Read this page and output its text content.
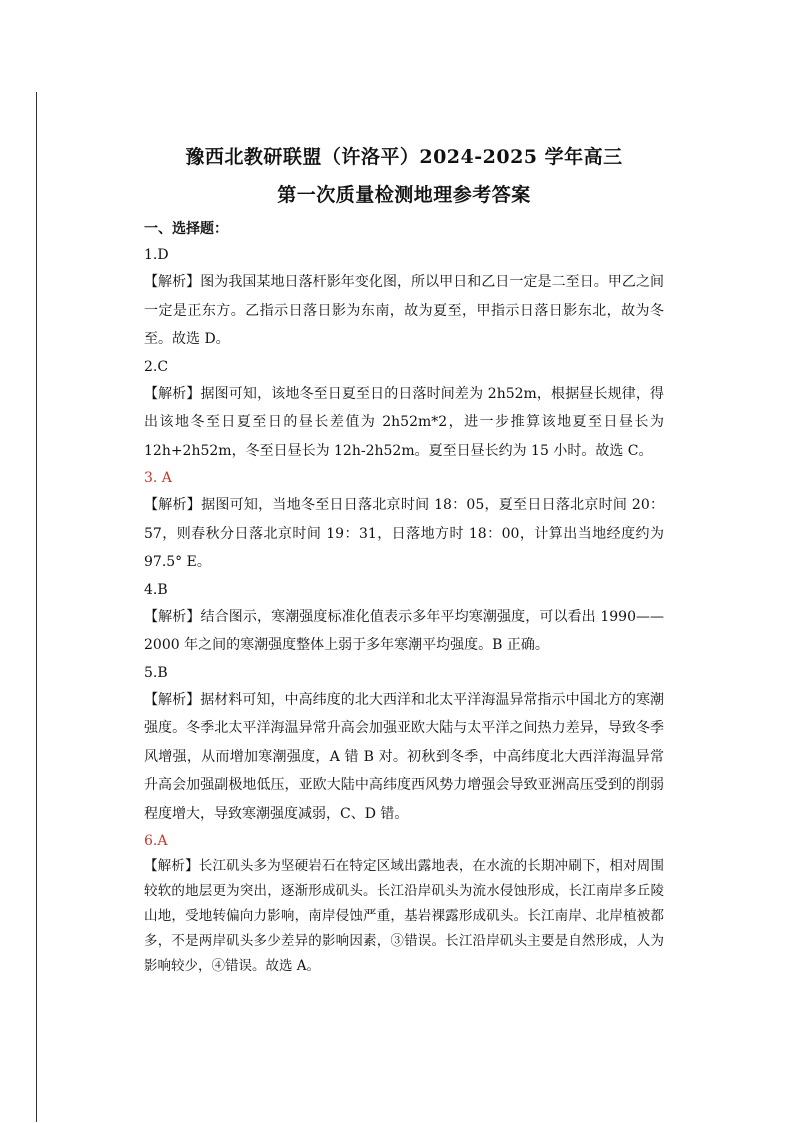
豫西北教研联盟（许洛平）2024-2025 学年高三
第一次质量检测地理参考答案
一、选择题：
1.D

【解析】图为我国某地日落杆影年变化图，所以甲日和乙日一定是二至日。甲乙之间一定是正东方。乙指示日落日影为东南，故为夏至，甲指示日落日影东北，故为冬至。故选 D。

2.C

【解析】据图可知，该地冬至日夏至日的日落时间差为 2h52m，根据昼长规律，得出该地冬至日夏至日的昼长差值为 2h52m*2，进一步推算该地夏至日昼长为 12h+2h52m，冬至日昼长为 12h-2h52m。夏至日昼长约为 15 小时。故选 C。

3. A

【解析】据图可知，当地冬至日日落北京时间 18：05，夏至日日落北京时间 20：57，则春秋分日落北京时间 19：31，日落地方时 18：00，计算出当地经度约为 97.5° E。

4.B

【解析】结合图示，寒潮强度标准化值表示多年平均寒潮强度，可以看出 1990——2000 年之间的寒潮强度整体上弱于多年寒潮平均强度。B 正确。

5.B

【解析】据材料可知，中高纬度的北大西洋和北太平洋海温异常指示中国北方的寒潮强度。冬季北太平洋海温异常升高会加强亚欧大陆与太平洋之间热力差异，导致冬季风增强，从而增加寒潮强度，A 错 B 对。初秋到冬季，中高纬度北大西洋海温异常升高会加强副极地低压，亚欧大陆中高纬度西风势力增强会导致亚洲高压受到的削弱程度增大，导致寒潮强度减弱，C、D 错。

6.A

【解析】长江矶头多为坚硬岩石在特定区域出露地表，在水流的长期冲刷下，相对周围较软的地层更为突出，逐渐形成矶头。长江沿岸矶头为流水侵蚀形成，长江南岸多丘陵山地，受地转偏向力影响，南岸侵蚀严重，基岩裸露形成矶头。长江南岸、北岸植被都多，不是两岸矶头多少差异的影响因素，③错误。长江沿岸矶头主要是自然形成，人为影响较少，④错误。故选 A。
